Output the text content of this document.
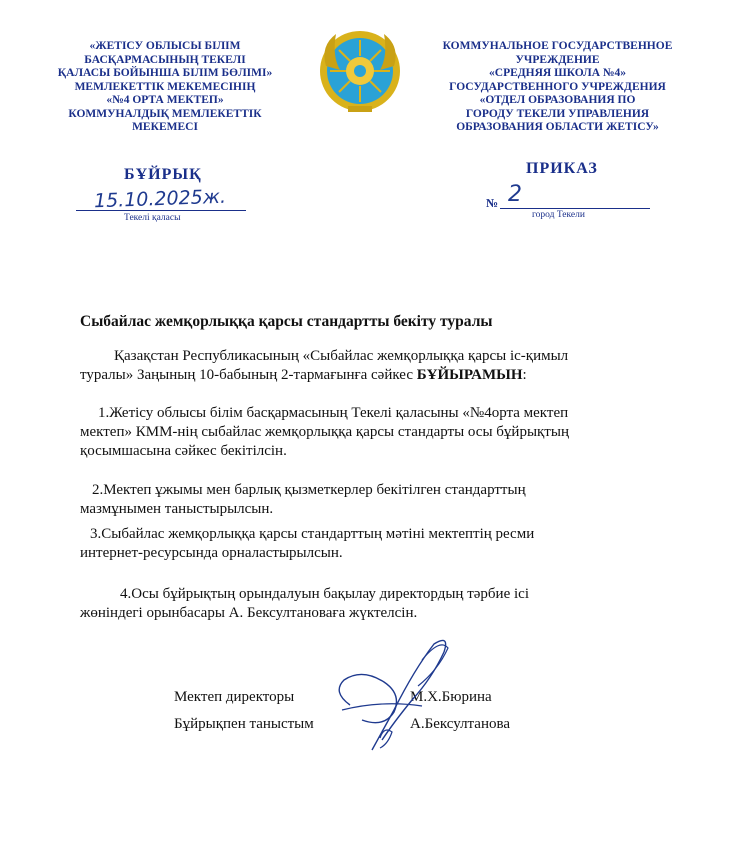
«ЖЕТІСУ ОБЛЫСЫ БІЛІМ
БАСҚАРМАСЫНЫҢ ТЕКЕЛІ
ҚАЛАСЫ БОЙЫНША БІЛІМ БӨЛІМІ»
МЕМЛЕКЕТТІК МЕКЕМЕСІНІҢ
«№4 ОРТА МЕКТЕП»
КОММУНАЛДЫҚ МЕМЛЕКЕТТІК
МЕКЕМЕСІ
КОММУНАЛЬНОЕ ГОСУДАРСТВЕННОЕ
УЧРЕЖДЕНИЕ
«СРЕДНЯЯ ШКОЛА №4»
ГОСУДАРСТВЕННОГО УЧРЕЖДЕНИЯ
«ОТДЕЛ ОБРАЗОВАНИЯ ПО
ГОРОДУ ТЕКЕЛИ УПРАВЛЕНИЯ
ОБРАЗОВАНИЯ ОБЛАСТИ ЖЕТІСУ»
БҰЙРЫҚ	ПРИКАЗ
15.10.2025ж.
Текелі қаласы
№ 2
город Текели
Сыбайлас жемқорлыққа қарсы стандартты бекіту туралы
Қазақстан Республикасының «Сыбайлас жемқорлыққа қарсы іс-қимыл
туралы» Заңының 10-бабының 2-тармағынға сәйкес БҰЙЫРАМЫН:
1.Жетісу облысы білім басқармасының Текелі қаласыны «№4орта мектеп
мектеп» КММ-нің сыбайлас жемқорлыққа қарсы стандарты осы бұйрықтың
қосымшасына сәйкес бекітілсін.
2.Мектеп ұжымы мен барлық қызметкерлер бекітілген стандарттың
мазмұнымен таныстырылсын.
3.Сыбайлас жемқорлыққа қарсы стандарттың мәтіні мектептің ресми
интернет-ресурсында орналастырылсын.
4.Осы бұйрықтың орындалуын бақылау директордың тәрбие ісі
жөніндегі орынбасары А. Бексултановаға жүктелсін.
Мектеп директоры	М.Х.Бюрина
Бұйрықпен таныстым	А.Бексултанова
